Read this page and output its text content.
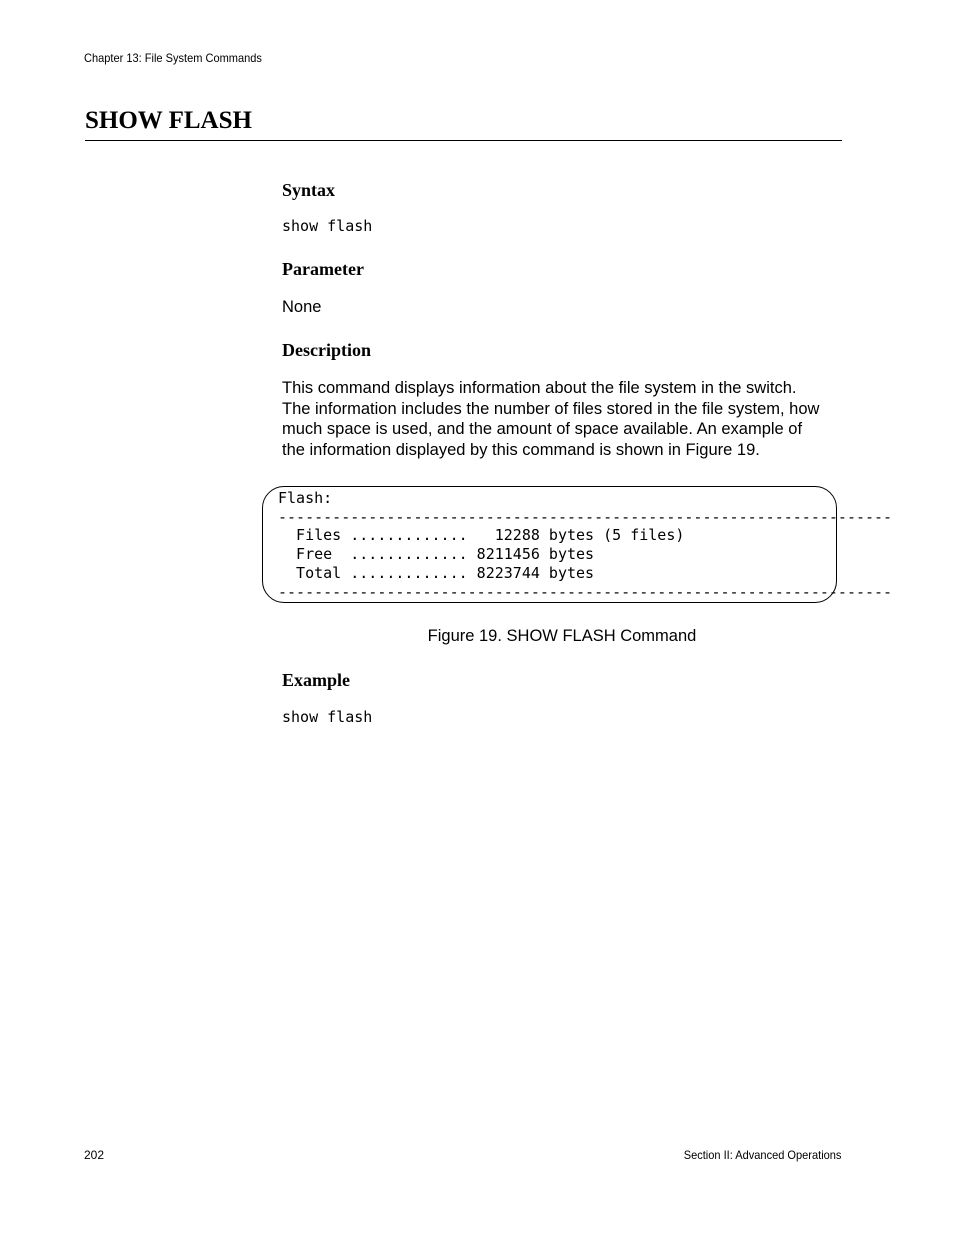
Chapter 13: File System Commands
SHOW FLASH
Syntax
show flash
Parameter
None
Description
This command displays information about the file system in the switch.
The information includes the number of files stored in the file system, how
much space is used, and the amount of space available. An example of
the information displayed by this command is shown in Figure 19.
Flash:
--------------------------------------------------------------------
Files .............   12288 bytes (5 files)
Free  ............. 8211456 bytes
Total ............. 8223744 bytes
--------------------------------------------------------------------
Figure 19. SHOW FLASH Command
Example
show flash
202	Section II: Advanced Operations
